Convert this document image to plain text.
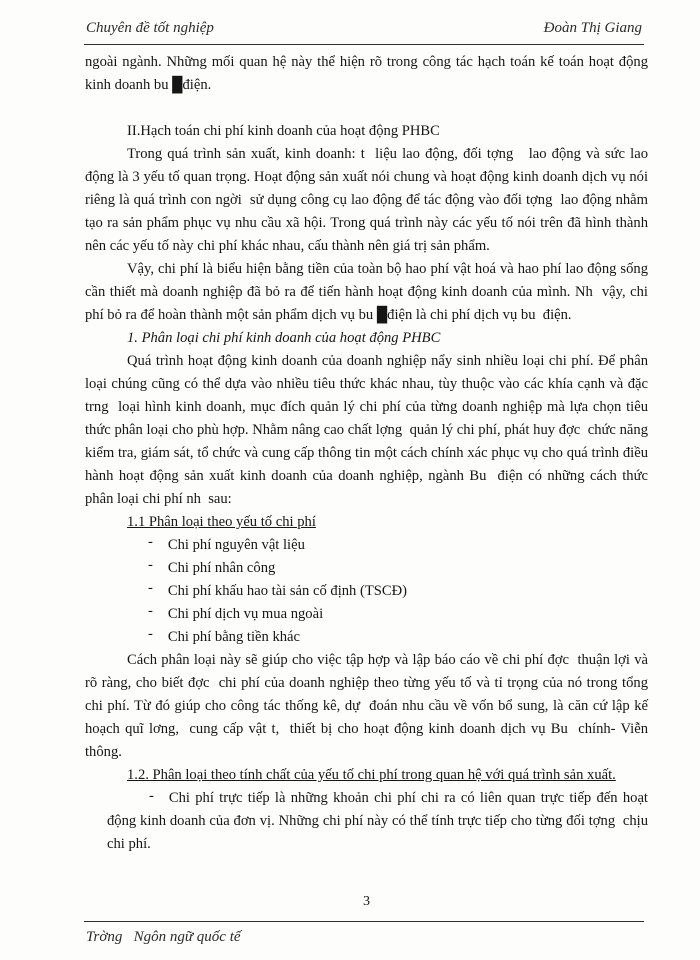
Chuyên đề tốt nghiệp	Đoàn Thị Giang

ngoài ngành. Những mối quan hệ này thể hiện rõ trong công tác hạch toán kế toán hoạt động kinh doanh bu █điện.

II.Hạch toán chi phí kinh doanh của hoạt động PHBC

Trong quá trình sản xuất, kinh doanh: t  liệu lao động, đối tợng   lao động và sức lao động là 3 yếu tố quan trọng. Hoạt động sản xuất nói chung và hoạt động kinh doanh dịch vụ nói riêng là quá trình con ngời  sử dụng công cụ lao động để tác động vào đối tợng  lao động nhằm tạo ra sản phẩm phục vụ nhu cầu xã hội. Trong quá trình này các yếu tố nói trên đã hình thành nên các yếu tố này chi phí khác nhau, cấu thành nên giá trị sản phẩm.

Vậy, chi phí là biểu hiện bằng tiền của toàn bộ hao phí vật hoá và hao phí lao động sống cần thiết mà doanh nghiệp đã bỏ ra để tiến hành hoạt động kinh doanh của mình. Nh  vậy, chi phí bỏ ra để hoàn thành một sản phẩm dịch vụ bu █điện là chi phí dịch vụ bu  điện.

1. Phân loại chi phí kinh doanh của hoạt động PHBC

Quá trình hoạt động kinh doanh của doanh nghiệp nẩy sinh nhiều loại chi phí. Để phân loại chúng cũng có thể dựa vào nhiều tiêu thức khác nhau, tùy thuộc vào các khía cạnh và đặc trng  loại hình kinh doanh, mục đích quản lý chi phí của từng doanh nghiệp mà lựa chọn tiêu thức phân loại cho phù hợp. Nhằm nâng cao chất lợng  quản lý chi phí, phát huy đợc  chức năng kiểm tra, giám sát, tổ chức và cung cấp thông tin một cách chính xác phục vụ cho quá trình điều hành hoạt động sản xuất kinh doanh của doanh nghiệp, ngành Bu  điện có những cách thức phân loại chi phí nh  sau:

1.1 Phân loại theo yếu tố chi phí

- Chi phí nguyên vật liệu
- Chi phí nhân công
- Chi phí khấu hao tài sản cố định (TSCĐ)
- Chi phí dịch vụ mua ngoài
- Chi phí bằng tiền khác

Cách phân loại này sẽ giúp cho việc tập hợp và lập báo cáo về chi phí đợc  thuận lợi và rõ ràng, cho biết đợc  chi phí của doanh nghiệp theo từng yếu tố và tỉ trọng của nó trong tổng chi phí. Từ đó giúp cho công tác thống kê, dự  đoán nhu cầu về vốn bổ sung, là căn cứ lập kế hoạch quĩ lơng,  cung cấp vật t,  thiết bị cho hoạt động kinh doanh dịch vụ Bu  chính- Viễn thông.

1.2. Phân loại theo tính chất của yếu tố chi phí trong quan hệ với quá trình sản xuất.

- Chi phí trực tiếp là những khoản chi phí chi ra có liên quan trực tiếp đến hoạt động kinh doanh của đơn vị. Những chi phí này có thể tính trực tiếp cho từng đối tợng  chịu chi phí.

3
Trờng   Ngôn ngữ quốc tế
